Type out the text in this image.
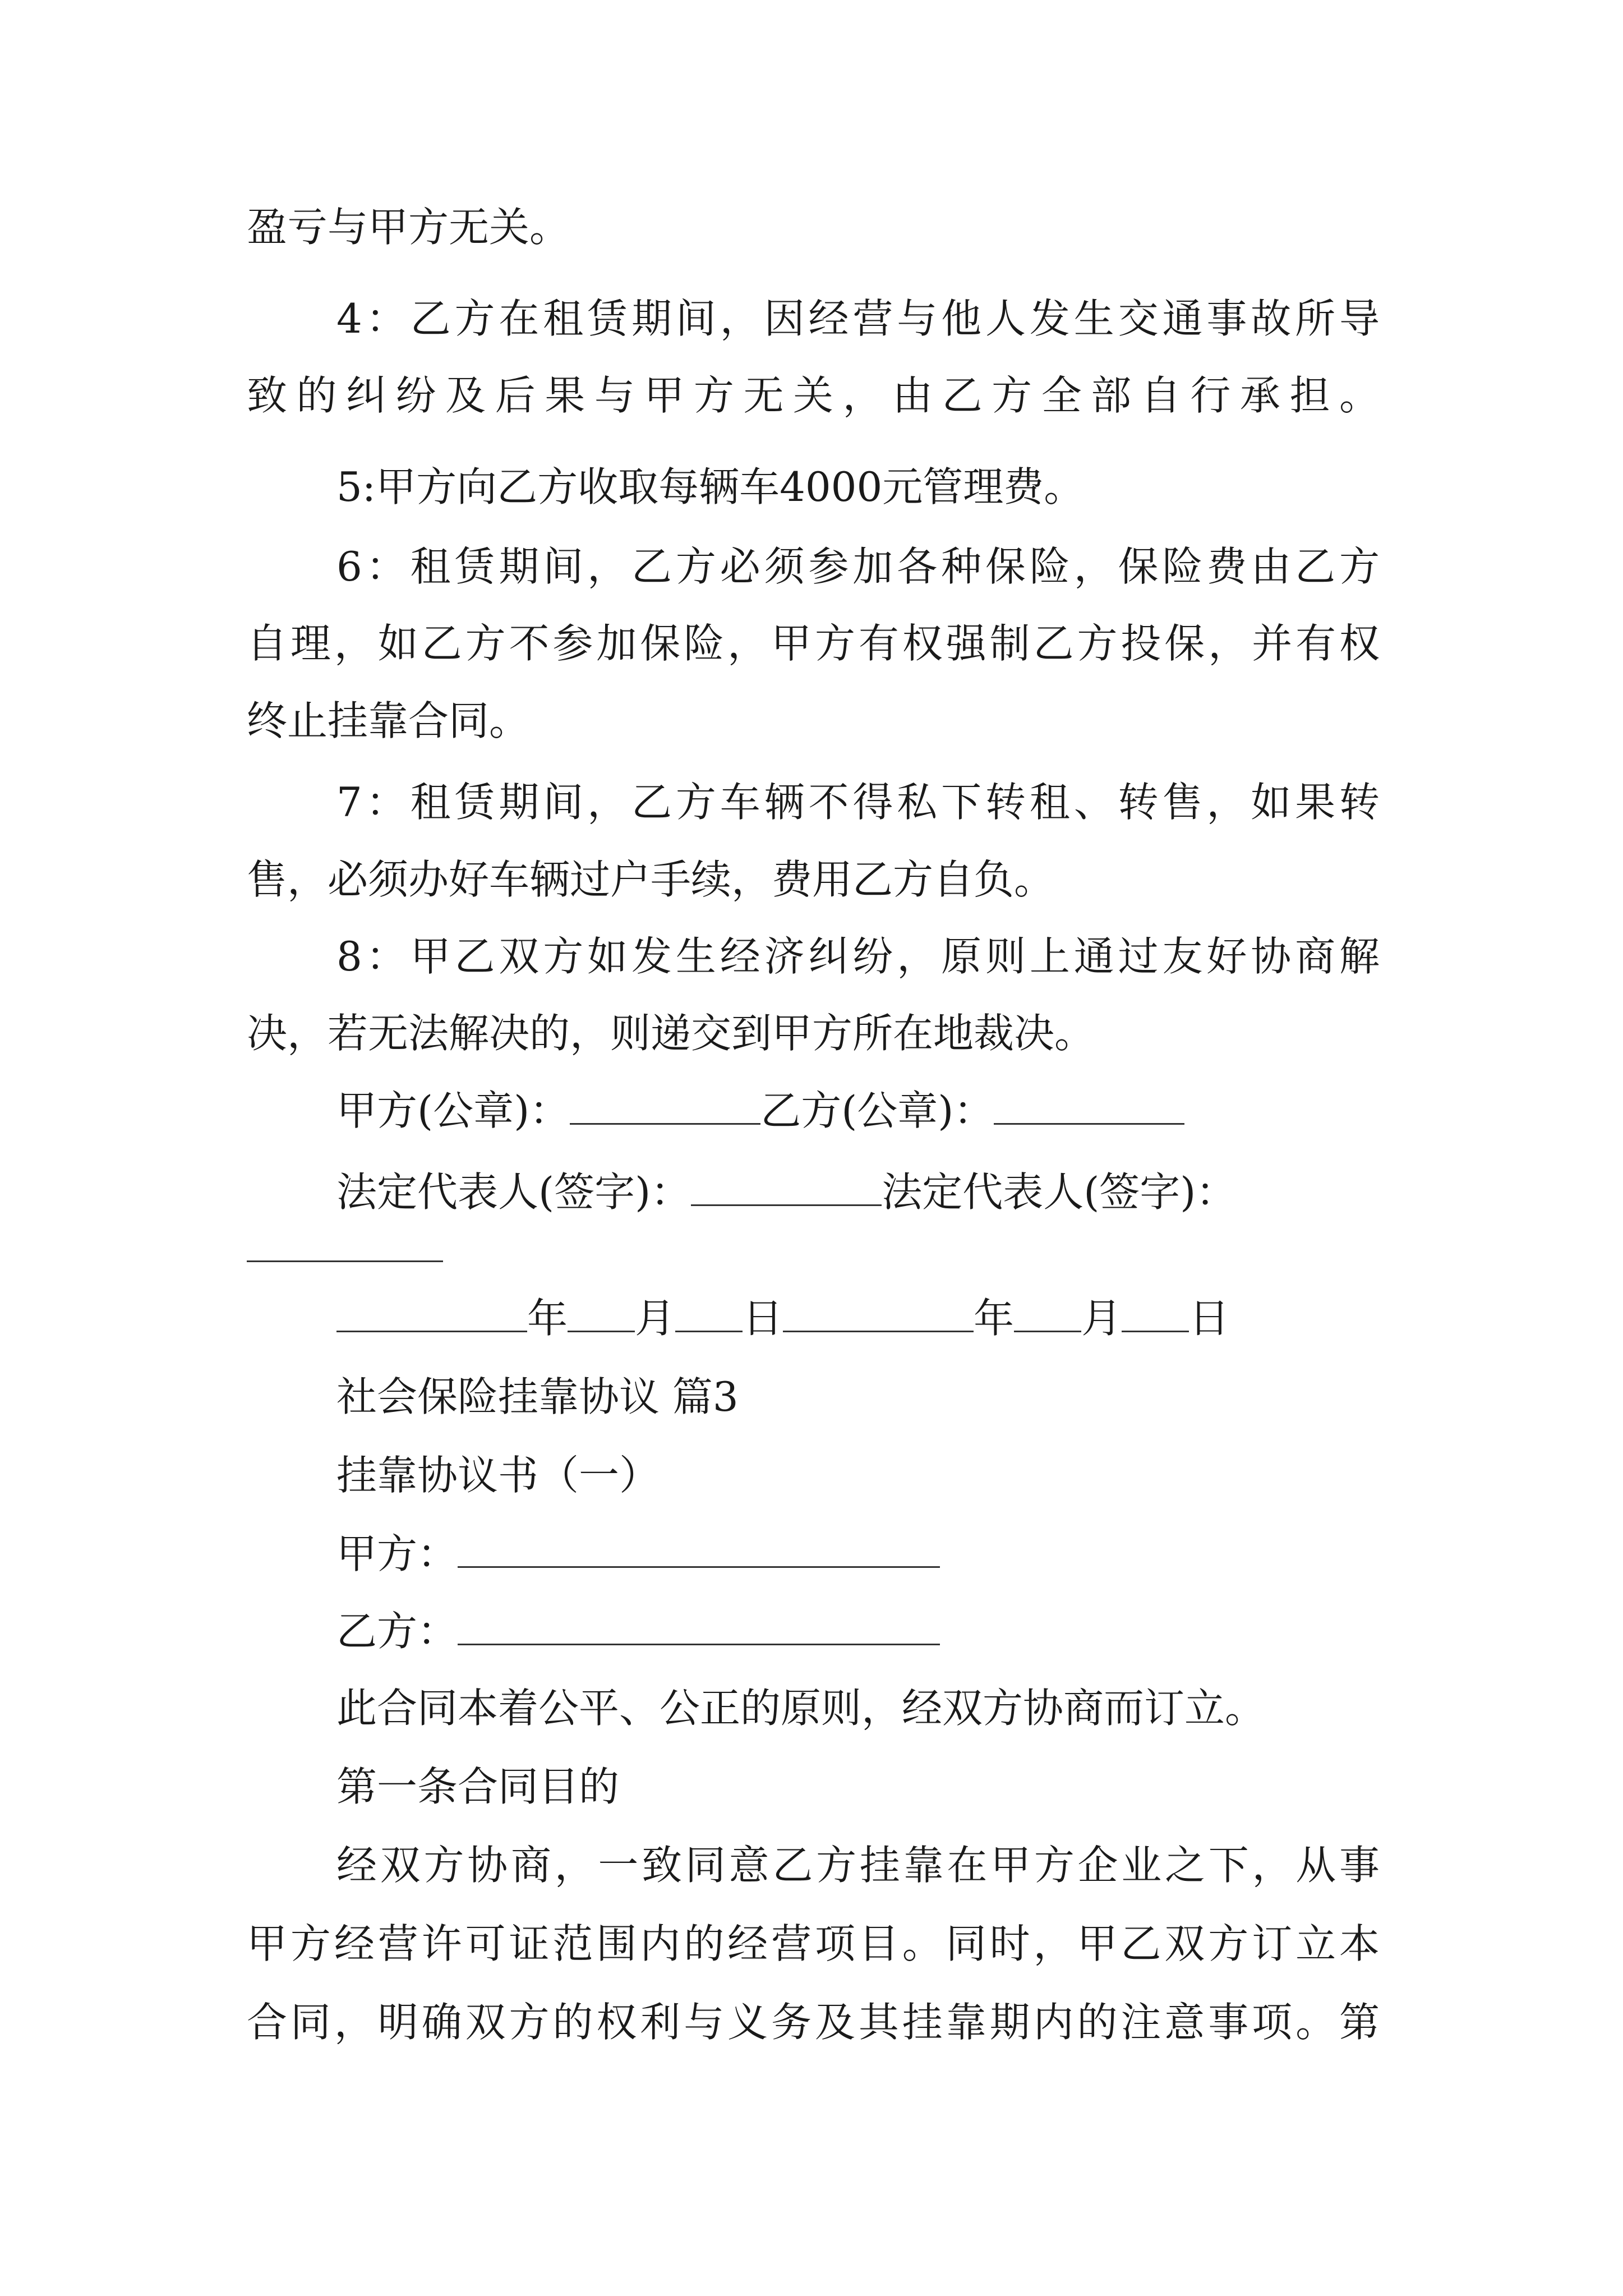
盈亏与甲方无关。
4：乙方在租赁期间，因经营与他人发生交通事故所导
致的纠纷及后果与甲方无关，由乙方全部自行承担。
5:甲方向乙方收取每辆车4000元管理费。
6：租赁期间，乙方必须参加各种保险，保险费由乙方
自理，如乙方不参加保险，甲方有权强制乙方投保，并有权
终止挂靠合同。
7：租赁期间，乙方车辆不得私下转租、转售，如果转
售，必须办好车辆过户手续，费用乙方自负。
8：甲乙双方如发生经济纠纷，原则上通过友好协商解
决，若无法解决的，则递交到甲方所在地裁决。
甲方(公章)：	乙方(公章)：
法定代表人(签字)：	法定代表人(签字)：
年 月 日	年 月 日
社会保险挂靠协议 篇3
挂靠协议书（一）
甲方：
乙方：
此合同本着公平、公正的原则，经双方协商而订立。
第一条合同目的
经双方协商，一致同意乙方挂靠在甲方企业之下，从事
甲方经营许可证范围内的经营项目。同时，甲乙双方订立本
合同，明确双方的权利与义务及其挂靠期内的注意事项。第
